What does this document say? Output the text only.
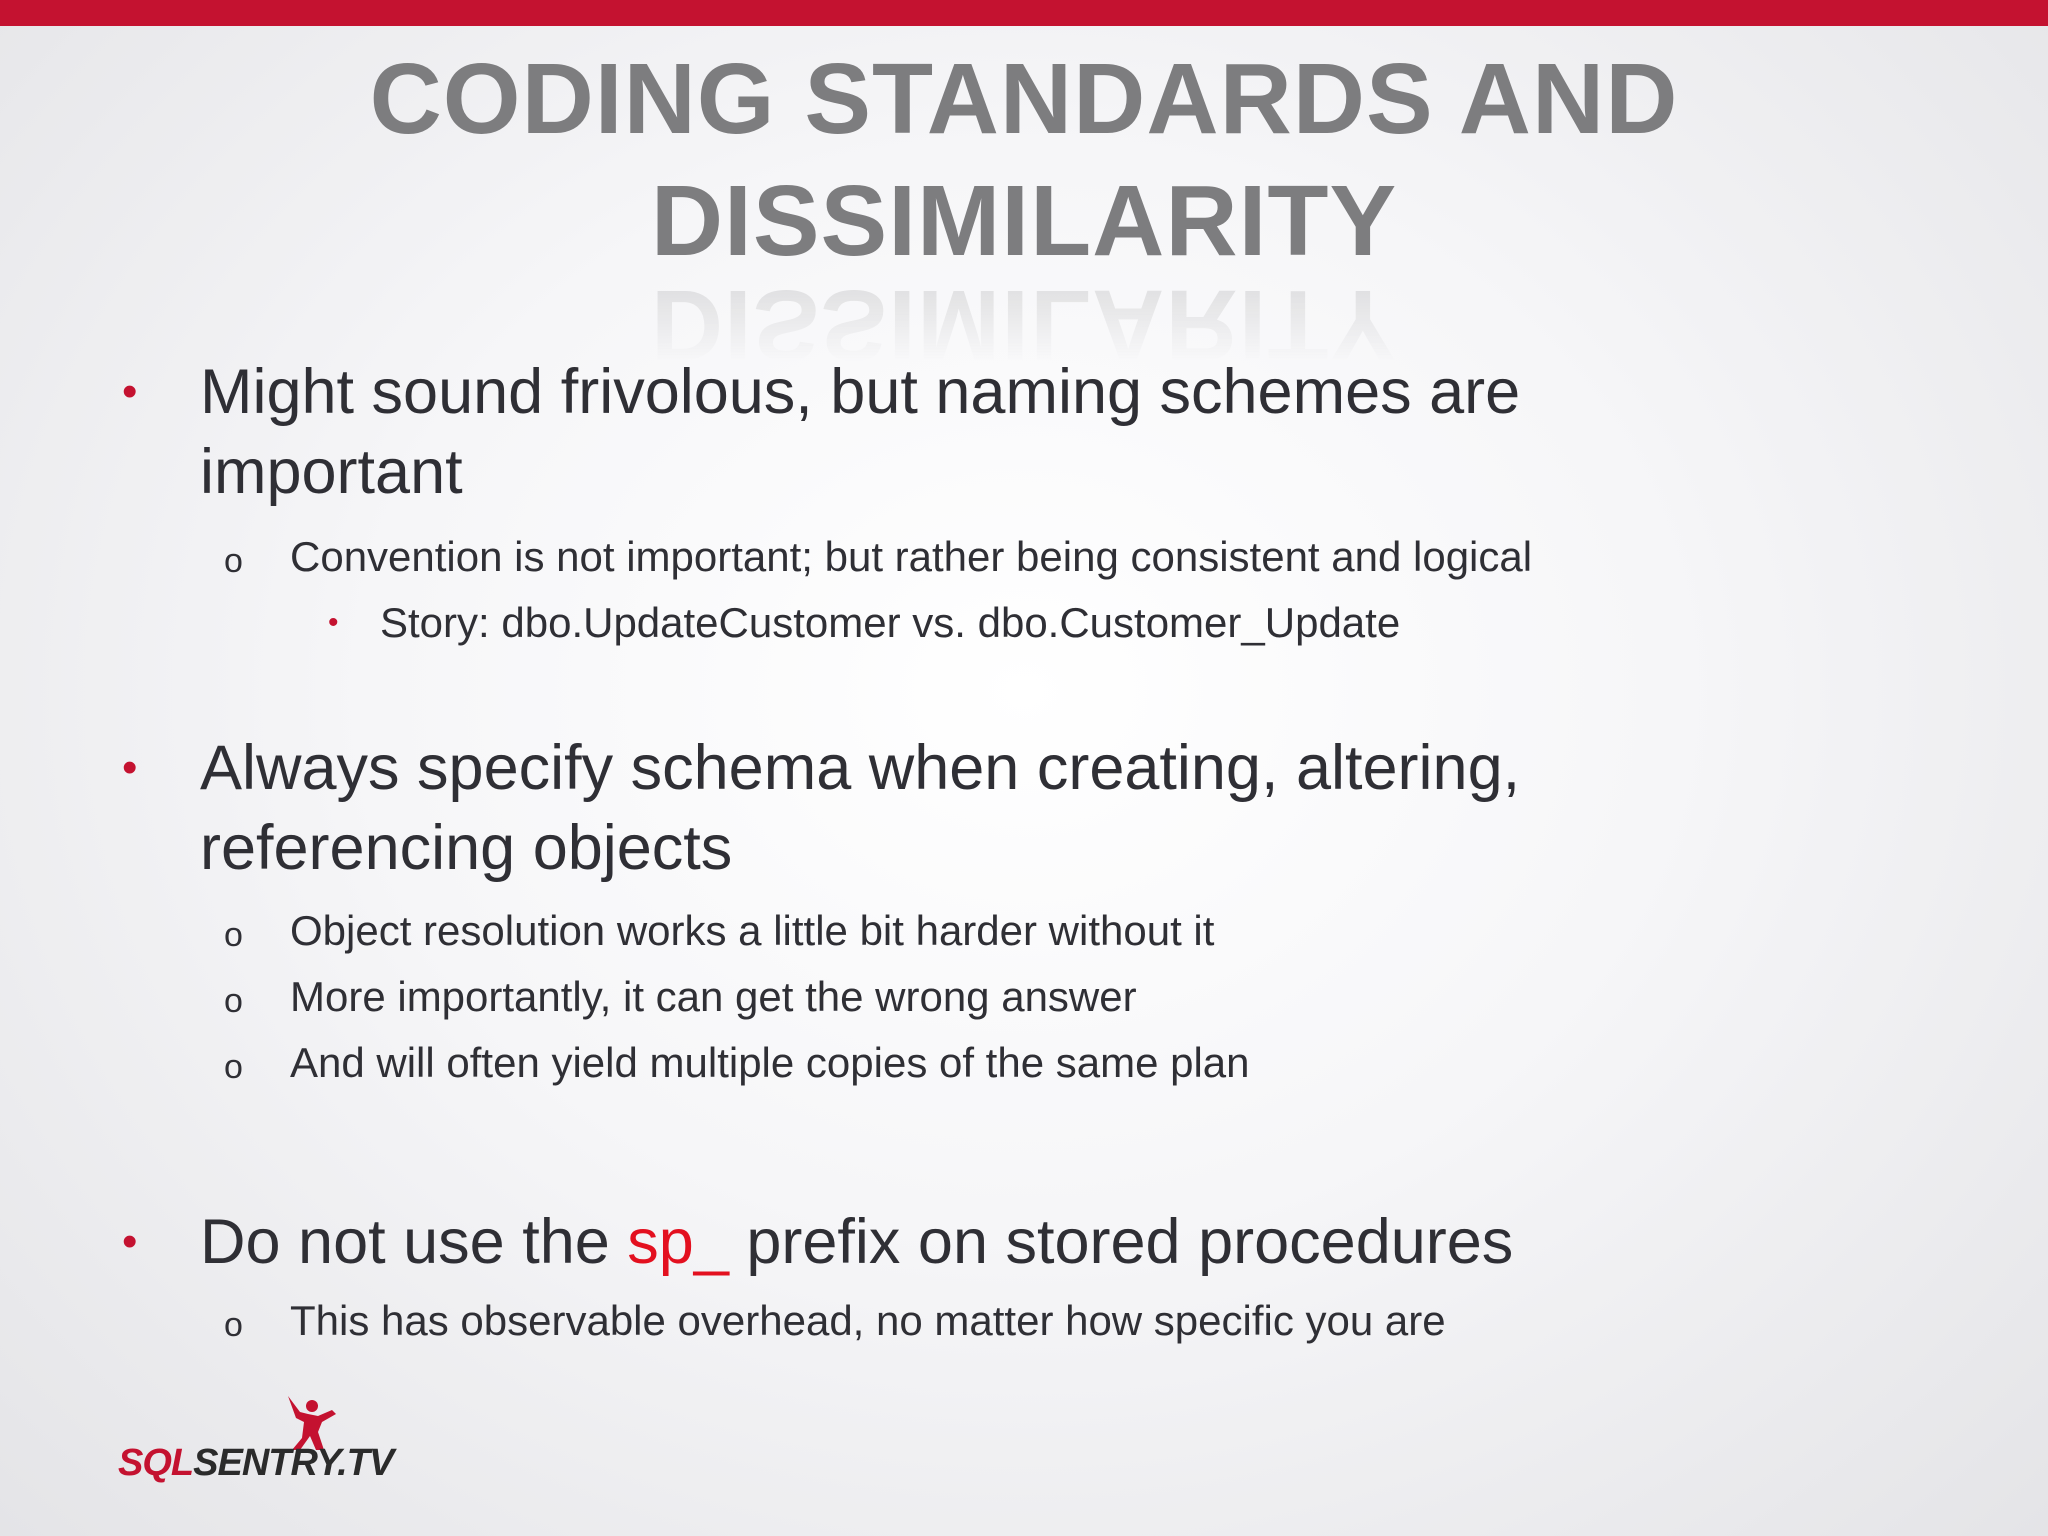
CODING STANDARDS AND
DISSIMILARITY
• Might sound frivolous, but naming schemes are
important
o Convention is not important; but rather being consistent and logical
• Story: dbo.UpdateCustomer vs. dbo.Customer_Update
• Always specify schema when creating, altering,
referencing objects
o Object resolution works a little bit harder without it
o More importantly, it can get the wrong answer
o And will often yield multiple copies of the same plan
• Do not use the sp_ prefix on stored procedures
o This has observable overhead, no matter how specific you are
SQLSENTRY.TV
